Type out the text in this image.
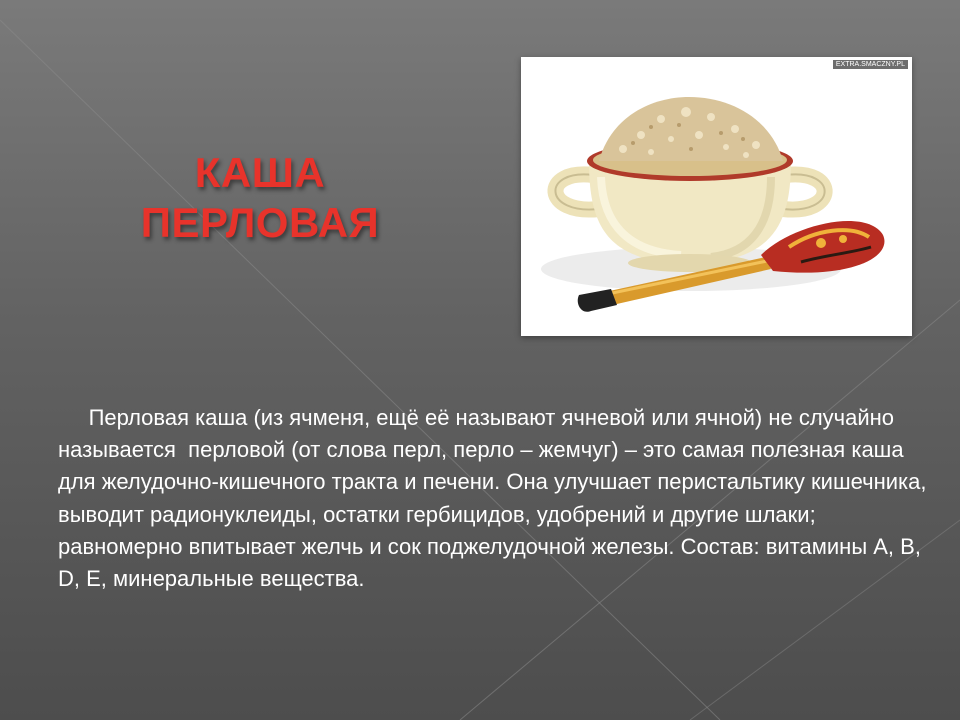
КАША
ПЕРЛОВАЯ
EXTRA.SMACZNY.PL
Перловая каша (из ячменя, ещё её называют ячневой или ячной) не случайно называется  перловой (от слова перл, перло – жемчуг) – это самая полезная каша для желудочно-кишечного тракта и печени. Она улучшает перистальтику кишечника, выводит радионуклеиды, остатки гербицидов, удобрений и другие шлаки; равномерно впитывает желчь и сок поджелудочной железы. Состав: витамины А, В, D, Е, минеральные вещества.
